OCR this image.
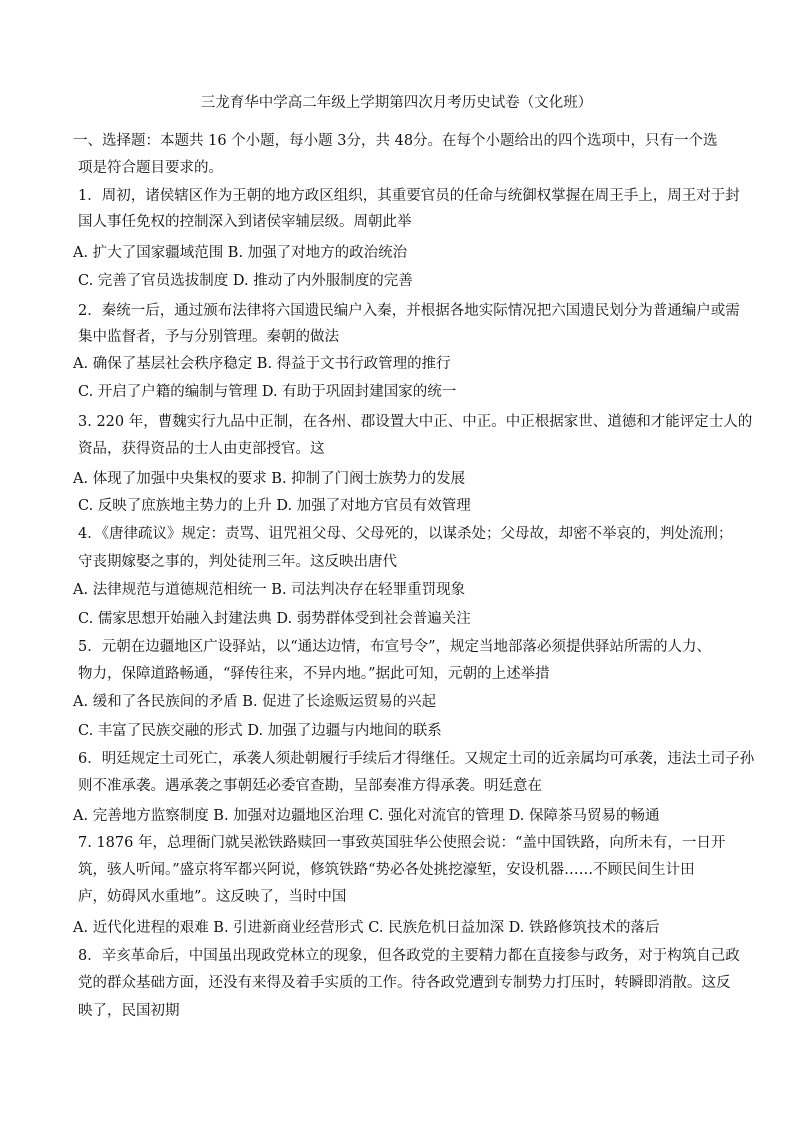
三龙育华中学高二年级上学期第四次月考历史试卷（文化班）
一、选择题：本题共 16 个小题，每小题 3分，共 48分。在每个小题给出的四个选项中，只有一个选
项是符合题目要求的。
1．周初，诸侯辖区作为王朝的地方政区组织，其重要官员的任命与统御权掌握在周王手上，周王对于封
国人事任免权的控制深入到诸侯宰辅层级。周朝此举
A. 扩大了国家疆域范围 B. 加强了对地方的政治统治
C. 完善了官员选拔制度 D. 推动了内外服制度的完善
2．秦统一后，通过颁布法律将六国遗民编户入秦，并根据各地实际情况把六国遗民划分为普通编户或需
集中监督者，予与分别管理。秦朝的做法
A. 确保了基层社会秩序稳定 B. 得益于文书行政管理的推行
C. 开启了户籍的编制与管理 D. 有助于巩固封建国家的统一
3. 220 年，曹魏实行九品中正制，在各州、郡设置大中正、中正。中正根据家世、道德和才能评定士人的
资品，获得资品的士人由吏部授官。这
A. 体现了加强中央集权的要求 B. 抑制了门阀士族势力的发展
C. 反映了庶族地主势力的上升 D. 加强了对地方官员有效管理
4．《唐律疏议》规定：责骂、诅咒祖父母、父母死的，以谋杀处；父母故，却密不举哀的，判处流刑；
守丧期嫁娶之事的，判处徒刑三年。这反映出唐代
A. 法律规范与道德规范相统一 B. 司法判决存在轻罪重罚现象
C. 儒家思想开始融入封建法典 D. 弱势群体受到社会普遍关注
5．元朝在边疆地区广设驿站，以“通达边情，布宣号令”，规定当地部落必须提供驿站所需的人力、
物力，保障道路畅通，“驿传往来，不异内地。”据此可知，元朝的上述举措
A. 缓和了各民族间的矛盾 B. 促进了长途贩运贸易的兴起
C. 丰富了民族交融的形式 D. 加强了边疆与内地间的联系
6．明廷规定土司死亡，承袭人须赴朝履行手续后才得继任。又规定土司的近亲属均可承袭，违法土司子孙
则不准承袭。遇承袭之事朝廷必委官查勘，呈部奏准方得承袭。明廷意在
A. 完善地方监察制度 B. 加强对边疆地区治理 C. 强化对流官的管理 D. 保障茶马贸易的畅通
7. 1876 年，总理衙门就吴淞铁路赎回一事致英国驻华公使照会说：“盖中国铁路，向所未有，一日开
筑，骇人听闻。”盛京将军都兴阿说，修筑铁路“势必各处挑挖濠堑，安设机器……不顾民间生计田
庐，妨碍风水重地”。这反映了，当时中国
A. 近代化进程的艰难 B. 引进新商业经营形式 C. 民族危机日益加深 D. 铁路修筑技术的落后
8．辛亥革命后，中国虽出现政党林立的现象，但各政党的主要精力都在直接参与政务，对于构筑自己政
党的群众基础方面，还没有来得及着手实质的工作。待各政党遭到专制势力打压时，转瞬即消散。这反
映了，民国初期
